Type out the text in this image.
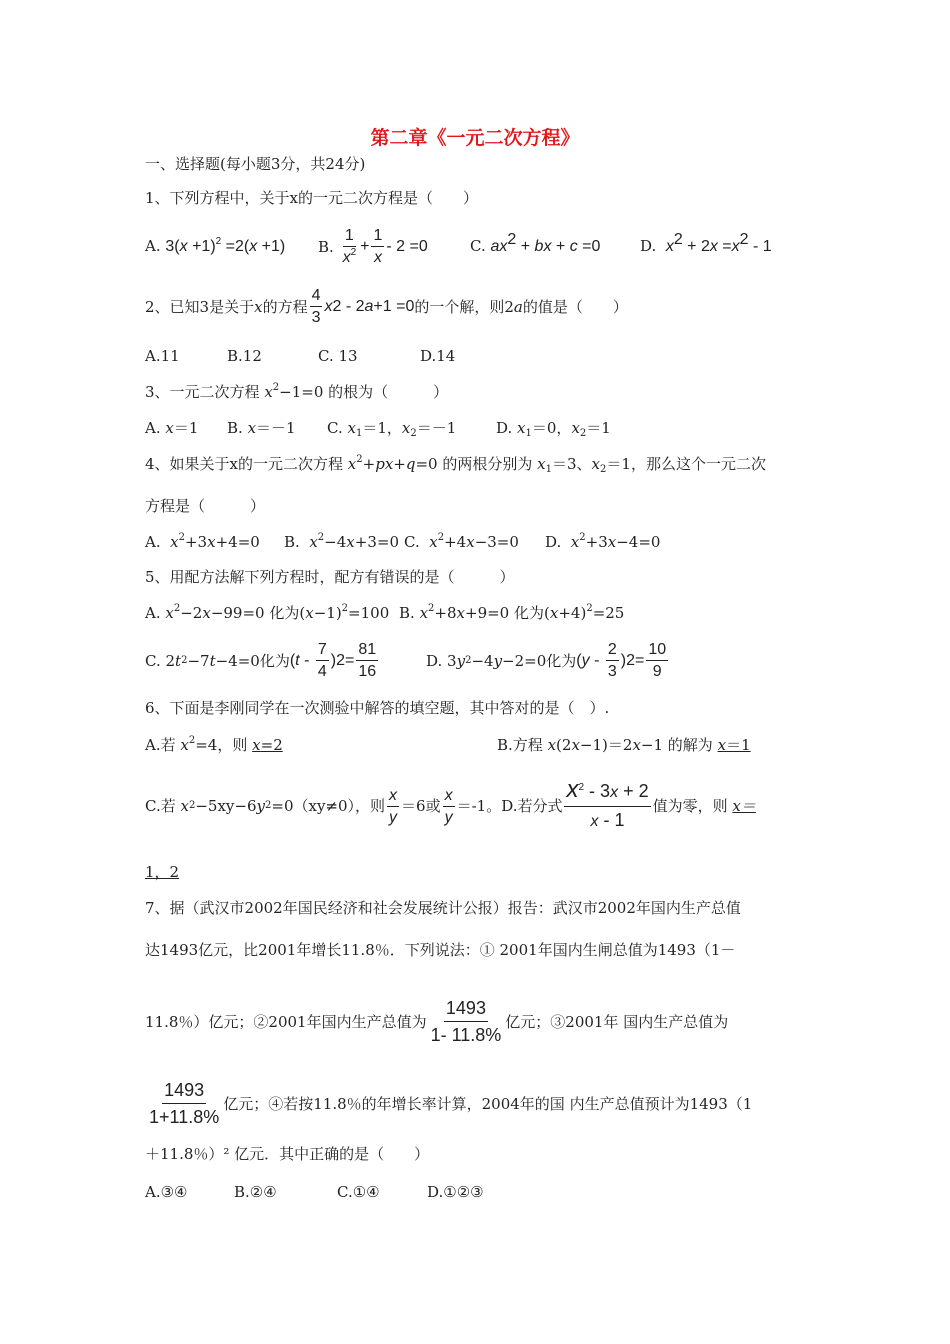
第二章《一元二次方程》
一、选择题(每小题3分，共24分)
1、下列方程中，关于x的一元二次方程是（　　）
A. $3(x +1)^2 =2(x +1)$ B.
$\frac{1}{x^2} + \frac{1}{x} - 2 =0$	C. $ax^2$ + bx + c =0	D. $x^2 + 2x =x^2 - 1$
2、已知3是关于 x 的方程 $\frac{4}{3}$ x 2 - 2 a +1 =0 的一个解，则2 a 的值是（　　）
A.11	B.12	C. 13	D.14
3、一元二次方程 $x^2-1=0$ 的根为（　　　）
A. x＝1 B. x＝－1 C. $x_1=1$，$x_2=-1$	D. $x_1=0$，$x_2=1$
4、如果关于x的一元二次方程 $x^2+px+q=0$ 的两根分别为 $x_1=3$、$x_2=1$，那么这个一元二次
方程是（　　　）
A.  $x^2+3x+4=0$ B.  $x^2-4x+3=0$ C.  $x^2+4x-3=0$ D.  $x^2+3x-4=0$
5、用配方法解下列方程时，配方有错误的是（　　　）
A. $x^2-2x-99=0$ 化为$(x-1)^2=100$ B. $x^2+8x+9=0$ 化为$(x+4)^2=25$
C. 2 t 2 −7 t −4=0 化为 ( t - $\frac{7}{4}$ ) $2 = \frac{81}{16}$	D. 3 y 2 −4 y −2=0 化为 ( y - $\frac{2}{3}$ ) $2 = \frac{10}{9}$
6、下面是李刚同学在一次测验中解答的填空题，其中答对的是（　）.
A.若 $x^2=4$，则 x=2	B.方程 x(2x−1)＝2x−1 的解为 x＝1
C.若
x 2 −5xy−6 y 2 =0 （xy≠0），则 $\frac{x}{y} =6$或 $\frac{x}{y} =-1$。 D.若分式 $\frac{x^2 - 3x + 2}{x - 1}$ 值为零，则
x＝
1，2
7、据（武汉市2002年国民经济和社会发展统计公报）报告：武汉市2002年国内生产总值
达1493亿元，比2001年增长11.8％．下列说法：① 2001年国内生闸总值为1493（1－
11.8％）亿元；②2001年国内生产总值为 $\frac{1493}{1- 11.8\%}$ 亿元；③2001年 国内生产总值为
$\frac{1493}{1+11.8\%}$ 亿元；④若按11.8％的年增长率计算，2004年的国 内生产总值预计为1493（1
＋11.8％）² 亿元．其中正确的是（　　）
A.③④	B.②④	C.①④	D.①②③
